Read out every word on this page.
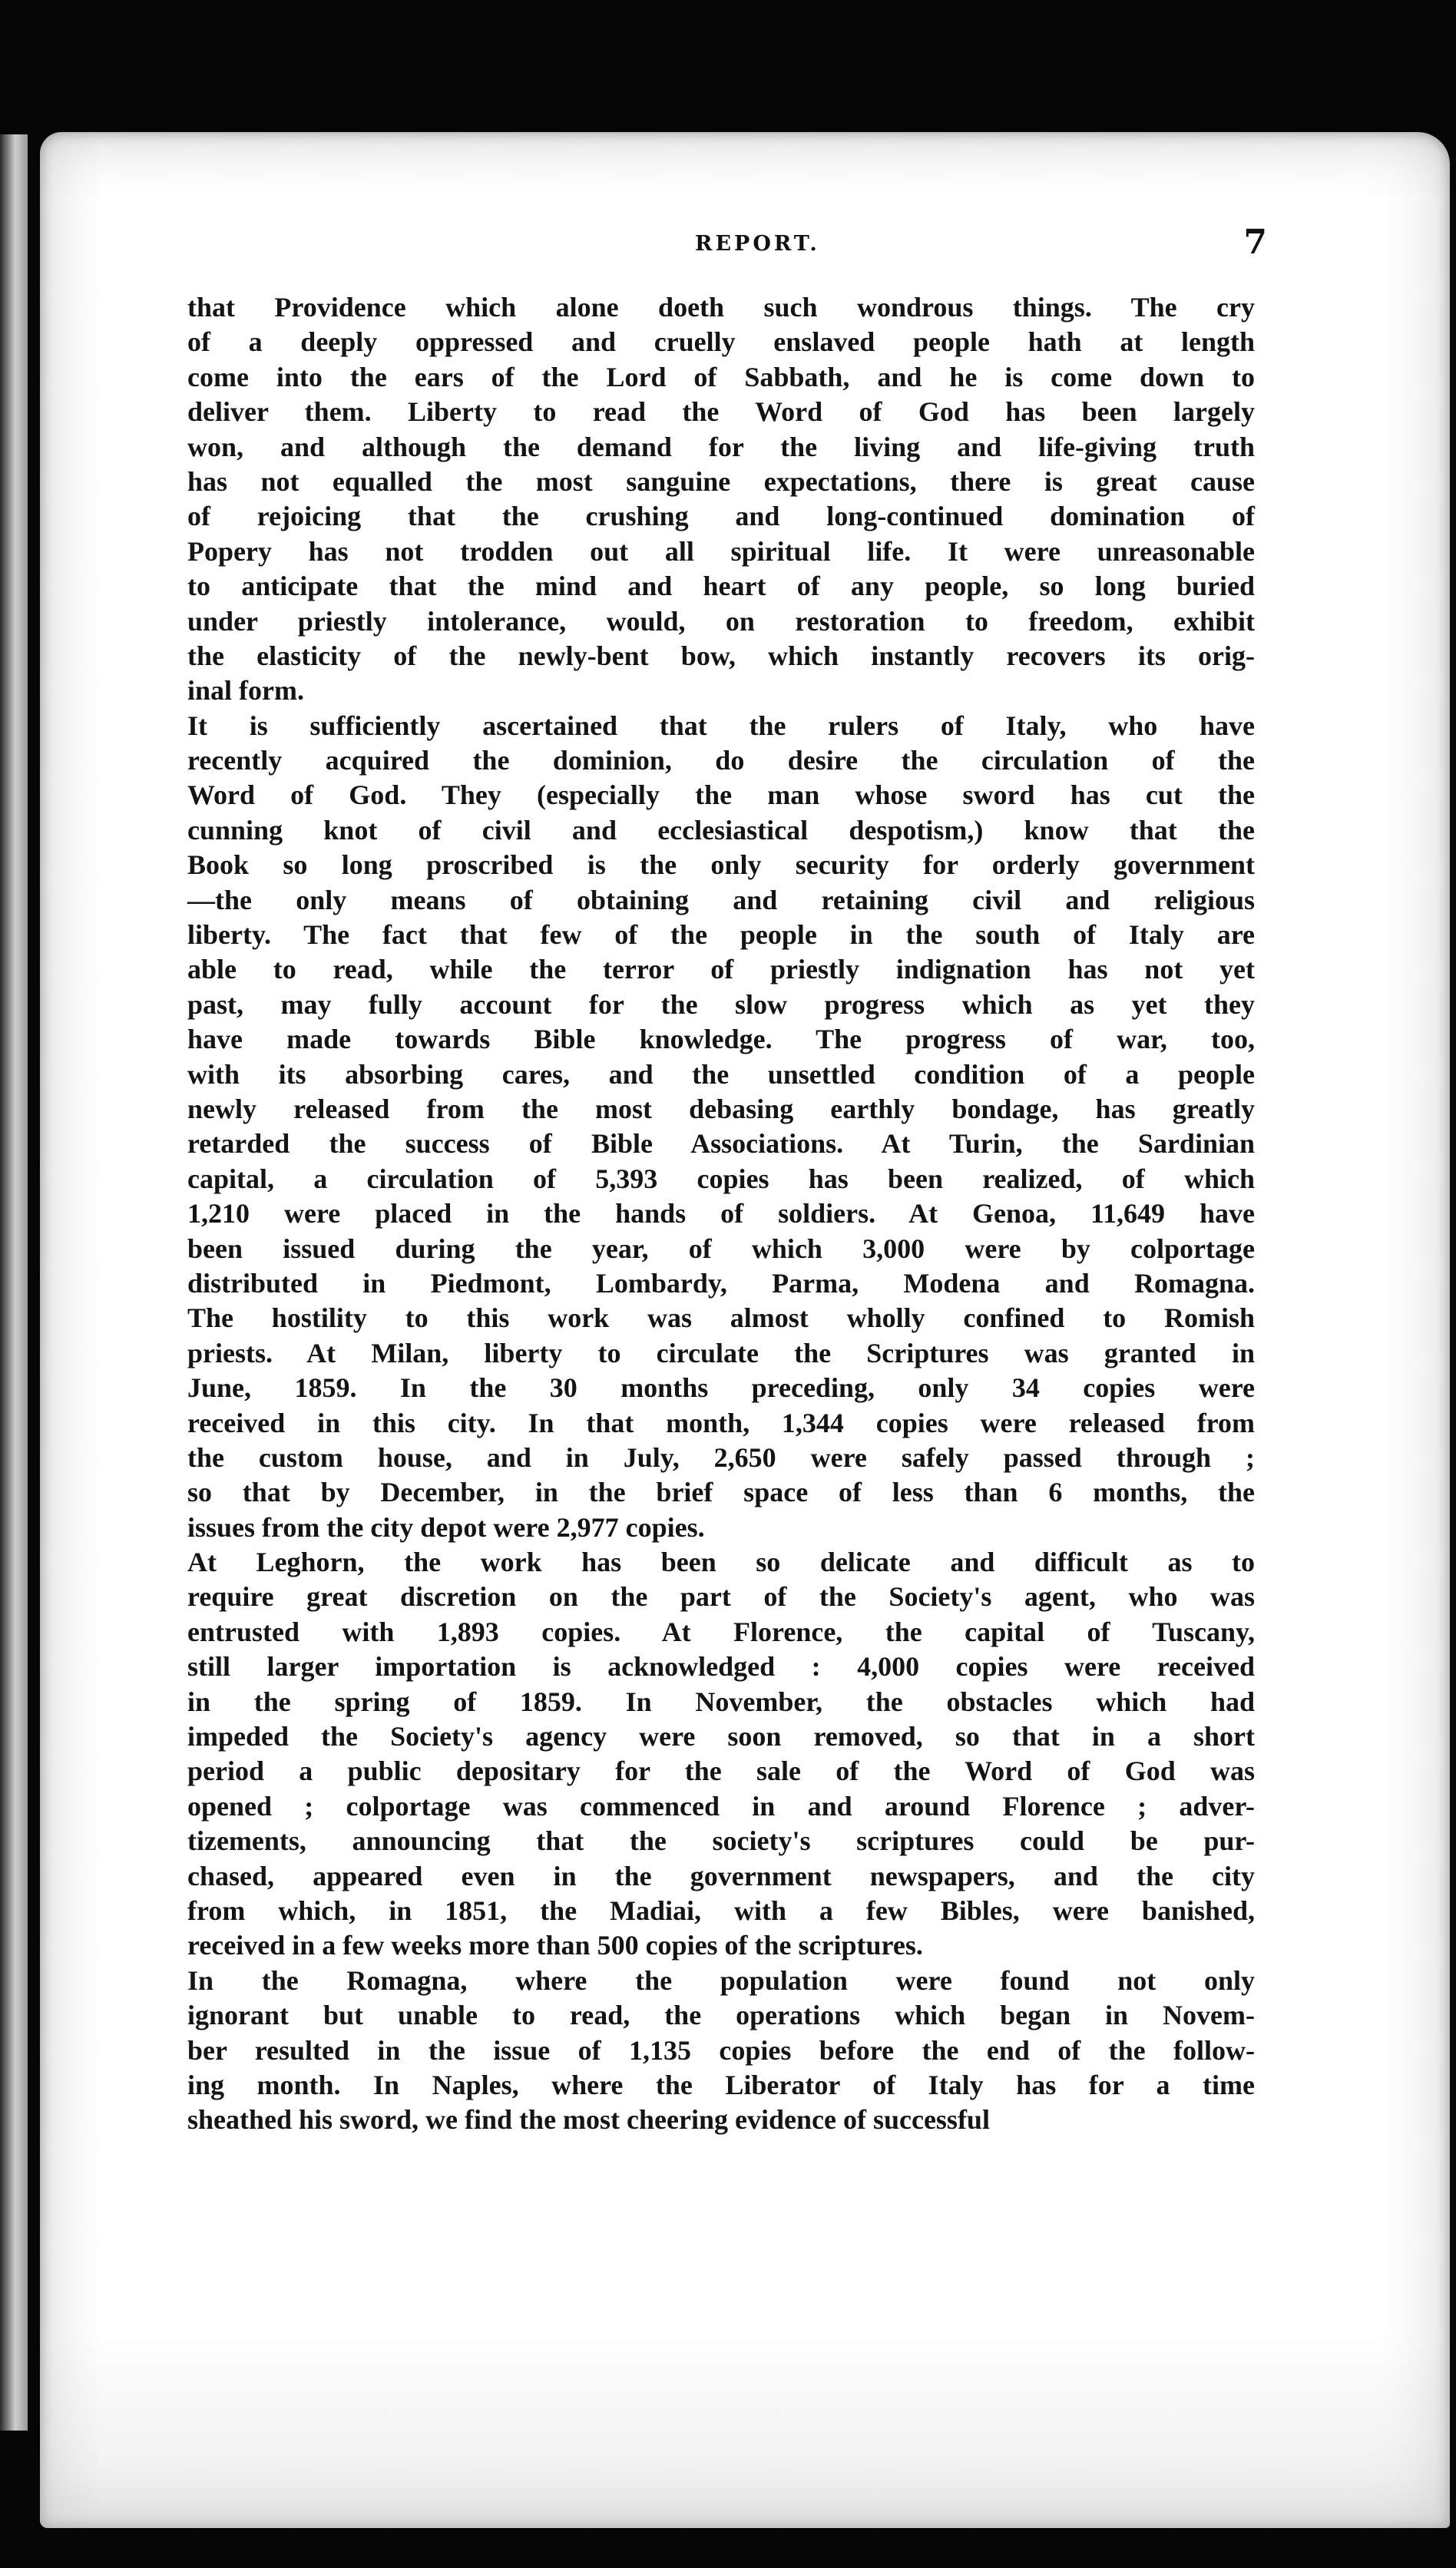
REPORT.	7
that Providence which alone doeth such wondrous things. The cry
of a deeply oppressed and cruelly enslaved people hath at length
come into the ears of the Lord of Sabbath, and he is come down to
deliver them. Liberty to read the Word of God has been largely
won, and although the demand for the living and life-giving truth
has not equalled the most sanguine expectations, there is great cause
of rejoicing that the crushing and long-continued domination of
Popery has not trodden out all spiritual life. It were unreasonable
to anticipate that the mind and heart of any people, so long buried
under priestly intolerance, would, on restoration to freedom, exhibit
the elasticity of the newly-bent bow, which instantly recovers its orig-
inal form.
It is sufficiently ascertained that the rulers of Italy, who have
recently acquired the dominion, do desire the circulation of the
Word of God. They (especially the man whose sword has cut the
cunning knot of civil and ecclesiastical despotism,) know that the
Book so long proscribed is the only security for orderly government
—the only means of obtaining and retaining civil and religious
liberty. The fact that few of the people in the south of Italy are
able to read, while the terror of priestly indignation has not yet
past, may fully account for the slow progress which as yet they
have made towards Bible knowledge. The progress of war, too,
with its absorbing cares, and the unsettled condition of a people
newly released from the most debasing earthly bondage, has greatly
retarded the success of Bible Associations. At Turin, the Sardinian
capital, a circulation of 5,393 copies has been realized, of which
1,210 were placed in the hands of soldiers. At Genoa, 11,649 have
been issued during the year, of which 3,000 were by colportage
distributed in Piedmont, Lombardy, Parma, Modena and Romagna.
The hostility to this work was almost wholly confined to Romish
priests. At Milan, liberty to circulate the Scriptures was granted in
June, 1859. In the 30 months preceding, only 34 copies were
received in this city. In that month, 1,344 copies were released from
the custom house, and in July, 2,650 were safely passed through ;
so that by December, in the brief space of less than 6 months, the
issues from the city depot were 2,977 copies.
At Leghorn, the work has been so delicate and difficult as to
require great discretion on the part of the Society's agent, who was
entrusted with 1,893 copies. At Florence, the capital of Tuscany,
still larger importation is acknowledged : 4,000 copies were received
in the spring of 1859. In November, the obstacles which had
impeded the Society's agency were soon removed, so that in a short
period a public depositary for the sale of the Word of God was
opened ; colportage was commenced in and around Florence ; adver-
tizements, announcing that the society's scriptures could be pur-
chased, appeared even in the government newspapers, and the city
from which, in 1851, the Madiai, with a few Bibles, were banished,
received in a few weeks more than 500 copies of the scriptures.
In the Romagna, where the population were found not only
ignorant but unable to read, the operations which began in Novem-
ber resulted in the issue of 1,135 copies before the end of the follow-
ing month. In Naples, where the Liberator of Italy has for a time
sheathed his sword, we find the most cheering evidence of successful
